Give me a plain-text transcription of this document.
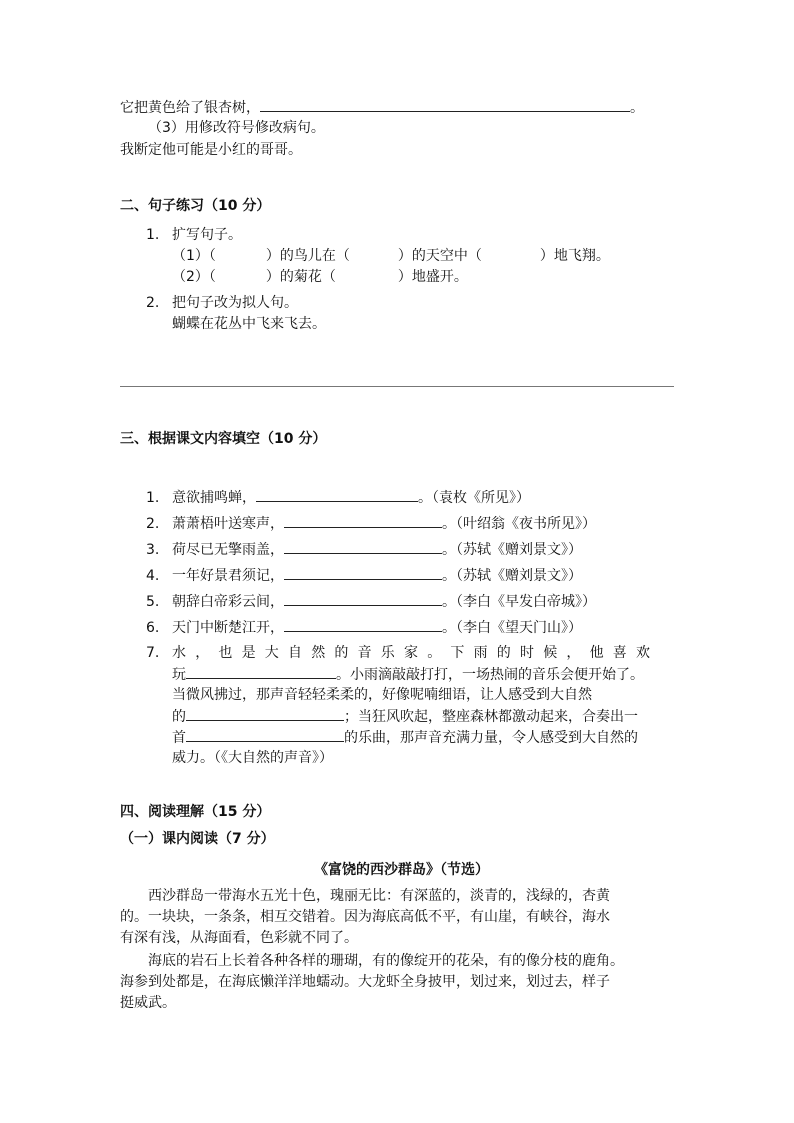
它把黄色给了银杏树，	。
（3）用修改符号修改病句。
我断定他可能是小红的哥哥。
二、句子练习（10 分）
1. 扩写句子。
（1）（	）的鸟儿在（	）的天空中（	）地飞翔。
（2）（	）的菊花（	）地盛开。
2. 把句子改为拟人句。
蝴蝶在花丛中飞来飞去。
三、根据课文内容填空（10 分）
1. 意欲捕鸣蝉，	。（袁枚《所见》）
2. 萧萧梧叶送寒声，	。（叶绍翁《夜书所见》）
3. 荷尽已无擎雨盖，	。（苏轼《赠刘景文》）
4. 一年好景君须记，	。（苏轼《赠刘景文》）
5. 朝辞白帝彩云间，	。（李白《早发白帝城》）
6. 天门中断楚江开，	。（李白《望天门山》）
7. 水，也是大自然的音乐家。下雨的时候，他喜欢
玩	。小雨滴敲敲打打，一场热闹的音乐会便开始了。
当微风拂过，那声音轻轻柔柔的，好像呢喃细语，让人感受到大自然
的	；当狂风吹起，整座森林都激动起来，合奏出一
首	的乐曲，那声音充满力量，令人感受到大自然的
威力。（《大自然的声音》）
四、阅读理解（15 分）
（一）课内阅读（7 分）
《富饶的西沙群岛》（节选）
西沙群岛一带海水五光十色，瑰丽无比：有深蓝的，淡青的，浅绿的，杏黄
的。一块块，一条条，相互交错着。因为海底高低不平，有山崖，有峡谷，海水
有深有浅，从海面看，色彩就不同了。
海底的岩石上长着各种各样的珊瑚，有的像绽开的花朵，有的像分枝的鹿角。
海参到处都是，在海底懒洋洋地蠕动。大龙虾全身披甲，划过来，划过去，样子
挺威武。
